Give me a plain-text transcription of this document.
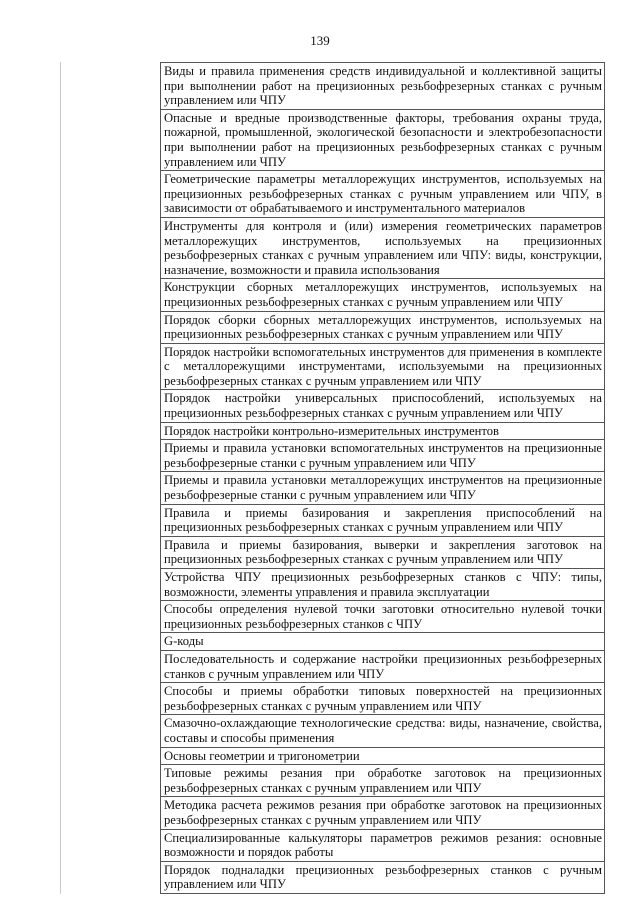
139
Виды и правила применения средств индивидуальной и коллективной защиты при выполнении работ на прецизионных резьбофрезерных станках с ручным управлением или ЧПУ
Опасные и вредные производственные факторы, требования охраны труда, пожарной, промышленной, экологической безопасности и электробезопасности при выполнении работ на прецизионных резьбофрезерных станках с ручным управлением или ЧПУ
Геометрические параметры металлорежущих инструментов, используемых на прецизионных резьбофрезерных станках с ручным управлением или ЧПУ, в зависимости от обрабатываемого и инструментального материалов
Инструменты для контроля и (или) измерения геометрических параметров металлорежущих инструментов, используемых на прецизионных резьбофрезерных станках с ручным управлением или ЧПУ: виды, конструкции, назначение, возможности и правила использования
Конструкции сборных металлорежущих инструментов, используемых на прецизионных резьбофрезерных станках с ручным управлением или ЧПУ
Порядок сборки сборных металлорежущих инструментов, используемых на прецизионных резьбофрезерных станках с ручным управлением или ЧПУ
Порядок настройки вспомогательных инструментов для применения в комплекте с металлорежущими инструментами, используемыми на прецизионных резьбофрезерных станках с ручным управлением или ЧПУ
Порядок настройки универсальных приспособлений, используемых на прецизионных резьбофрезерных станках с ручным управлением или ЧПУ
Порядок настройки контрольно-измерительных инструментов
Приемы и правила установки вспомогательных инструментов на прецизионные резьбофрезерные станки с ручным управлением или ЧПУ
Приемы и правила установки металлорежущих инструментов на прецизионные резьбофрезерные станки с ручным управлением или ЧПУ
Правила и приемы базирования и закрепления приспособлений на прецизионных резьбофрезерных станках с ручным управлением или ЧПУ
Правила и приемы базирования, выверки и закрепления заготовок на прецизионных резьбофрезерных станках с ручным управлением или ЧПУ
Устройства ЧПУ прецизионных резьбофрезерных станков с ЧПУ: типы, возможности, элементы управления и правила эксплуатации
Способы определения нулевой точки заготовки относительно нулевой точки прецизионных резьбофрезерных станков с ЧПУ
G-коды
Последовательность и содержание настройки прецизионных резьбофрезерных станков с ручным управлением или ЧПУ
Способы и приемы обработки типовых поверхностей на прецизионных резьбофрезерных станках с ручным управлением или ЧПУ
Смазочно-охлаждающие технологические средства: виды, назначение, свойства, составы и способы применения
Основы геометрии и тригонометрии
Типовые режимы резания при обработке заготовок на прецизионных резьбофрезерных станках с ручным управлением или ЧПУ
Методика расчета режимов резания при обработке заготовок на прецизионных резьбофрезерных станках с ручным управлением или ЧПУ
Специализированные калькуляторы параметров режимов резания: основные возможности и порядок работы
Порядок подналадки прецизионных резьбофрезерных станков с ручным управлением или ЧПУ
